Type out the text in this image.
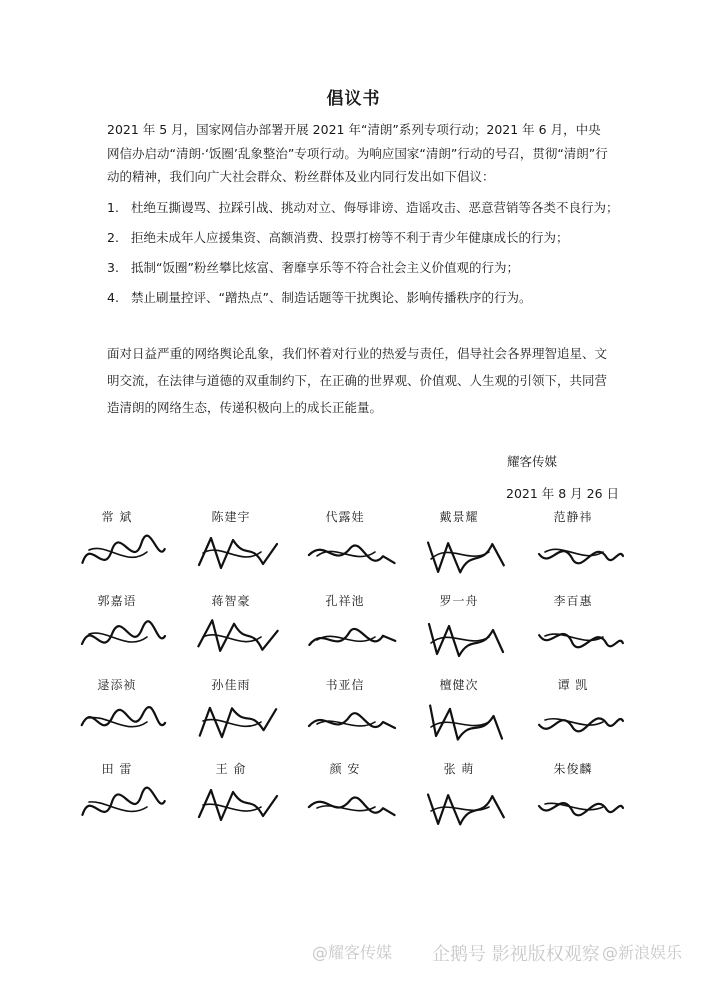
倡议书
2021 年 5 月，国家网信办部署开展 2021 年“清朗”系列专项行动；2021 年 6 月，中央网信办启动“清朗·‘饭圈’乱象整治”专项行动。为响应国家“清朗”行动的号召，贯彻“清朗”行动的精神，我们向广大社会群众、粉丝群体及业内同行发出如下倡议：
1. 杜绝互撕谩骂、拉踩引战、挑动对立、侮辱诽谤、造谣攻击、恶意营销等各类不良行为；
2. 拒绝未成年人应援集资、高额消费、投票打榜等不利于青少年健康成长的行为；
3. 抵制“饭圈”粉丝攀比炫富、奢靡享乐等不符合社会主义价值观的行为；
4. 禁止刷量控评、“蹭热点”、制造话题等干扰舆论、影响传播秩序的行为。
面对日益严重的网络舆论乱象，我们怀着对行业的热爱与责任，倡导社会各界理智追星、文明交流，在法律与道德的双重制约下，在正确的世界观、价值观、人生观的引领下，共同营造清朗的网络生态，传递积极向上的成长正能量。
耀客传媒
2021 年 8 月 26 日
常 斌	陈建宇	代露娃	戴景耀	范静祎
郭嘉语	蒋智豪	孔祥池	罗一舟	李百惠
逯添祯	孙佳雨	书亚信	檀健次	谭 凯
田 雷	王 俞	颜 安	张 萌	朱俊麟
@耀客传媒 企鹅号 影视版权观察 @新浪娱乐
